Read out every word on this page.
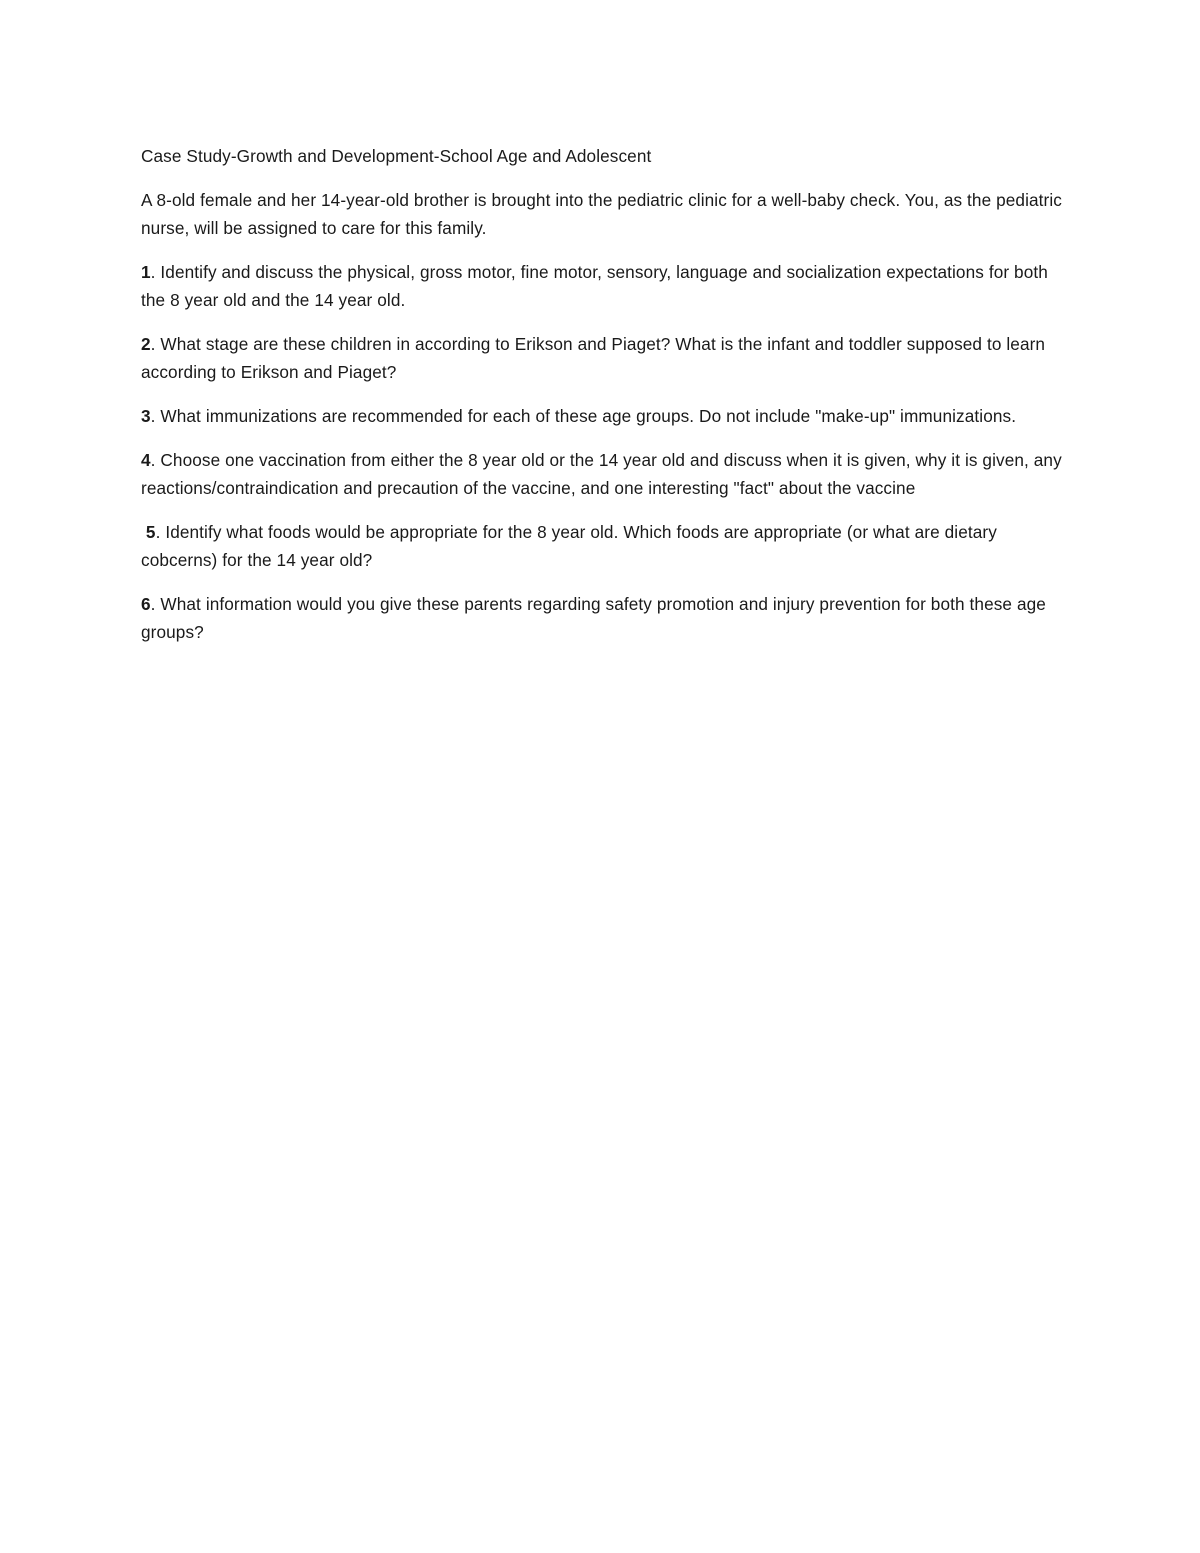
Case Study-Growth and Development-School Age and Adolescent

A 8-old female and her 14-year-old brother is brought into the pediatric clinic for a well-baby check. You, as the pediatric nurse, will be assigned to care for this family.

1. Identify and discuss the physical, gross motor, fine motor, sensory, language and socialization expectations for both the 8 year old and the 14 year old.

2. What stage are these children in according to Erikson and Piaget? What is the infant and toddler supposed to learn according to Erikson and Piaget?

3. What immunizations are recommended for each of these age groups. Do not include "make-up" immunizations.

4. Choose one vaccination from either the 8 year old or the 14 year old and discuss when it is given, why it is given, any reactions/contraindication and precaution of the vaccine, and one interesting "fact" about the vaccine

5. Identify what foods would be appropriate for the 8 year old. Which foods are appropriate (or what are dietary cobcerns) for the 14 year old?

6. What information would you give these parents regarding safety promotion and injury prevention for both these age groups?
